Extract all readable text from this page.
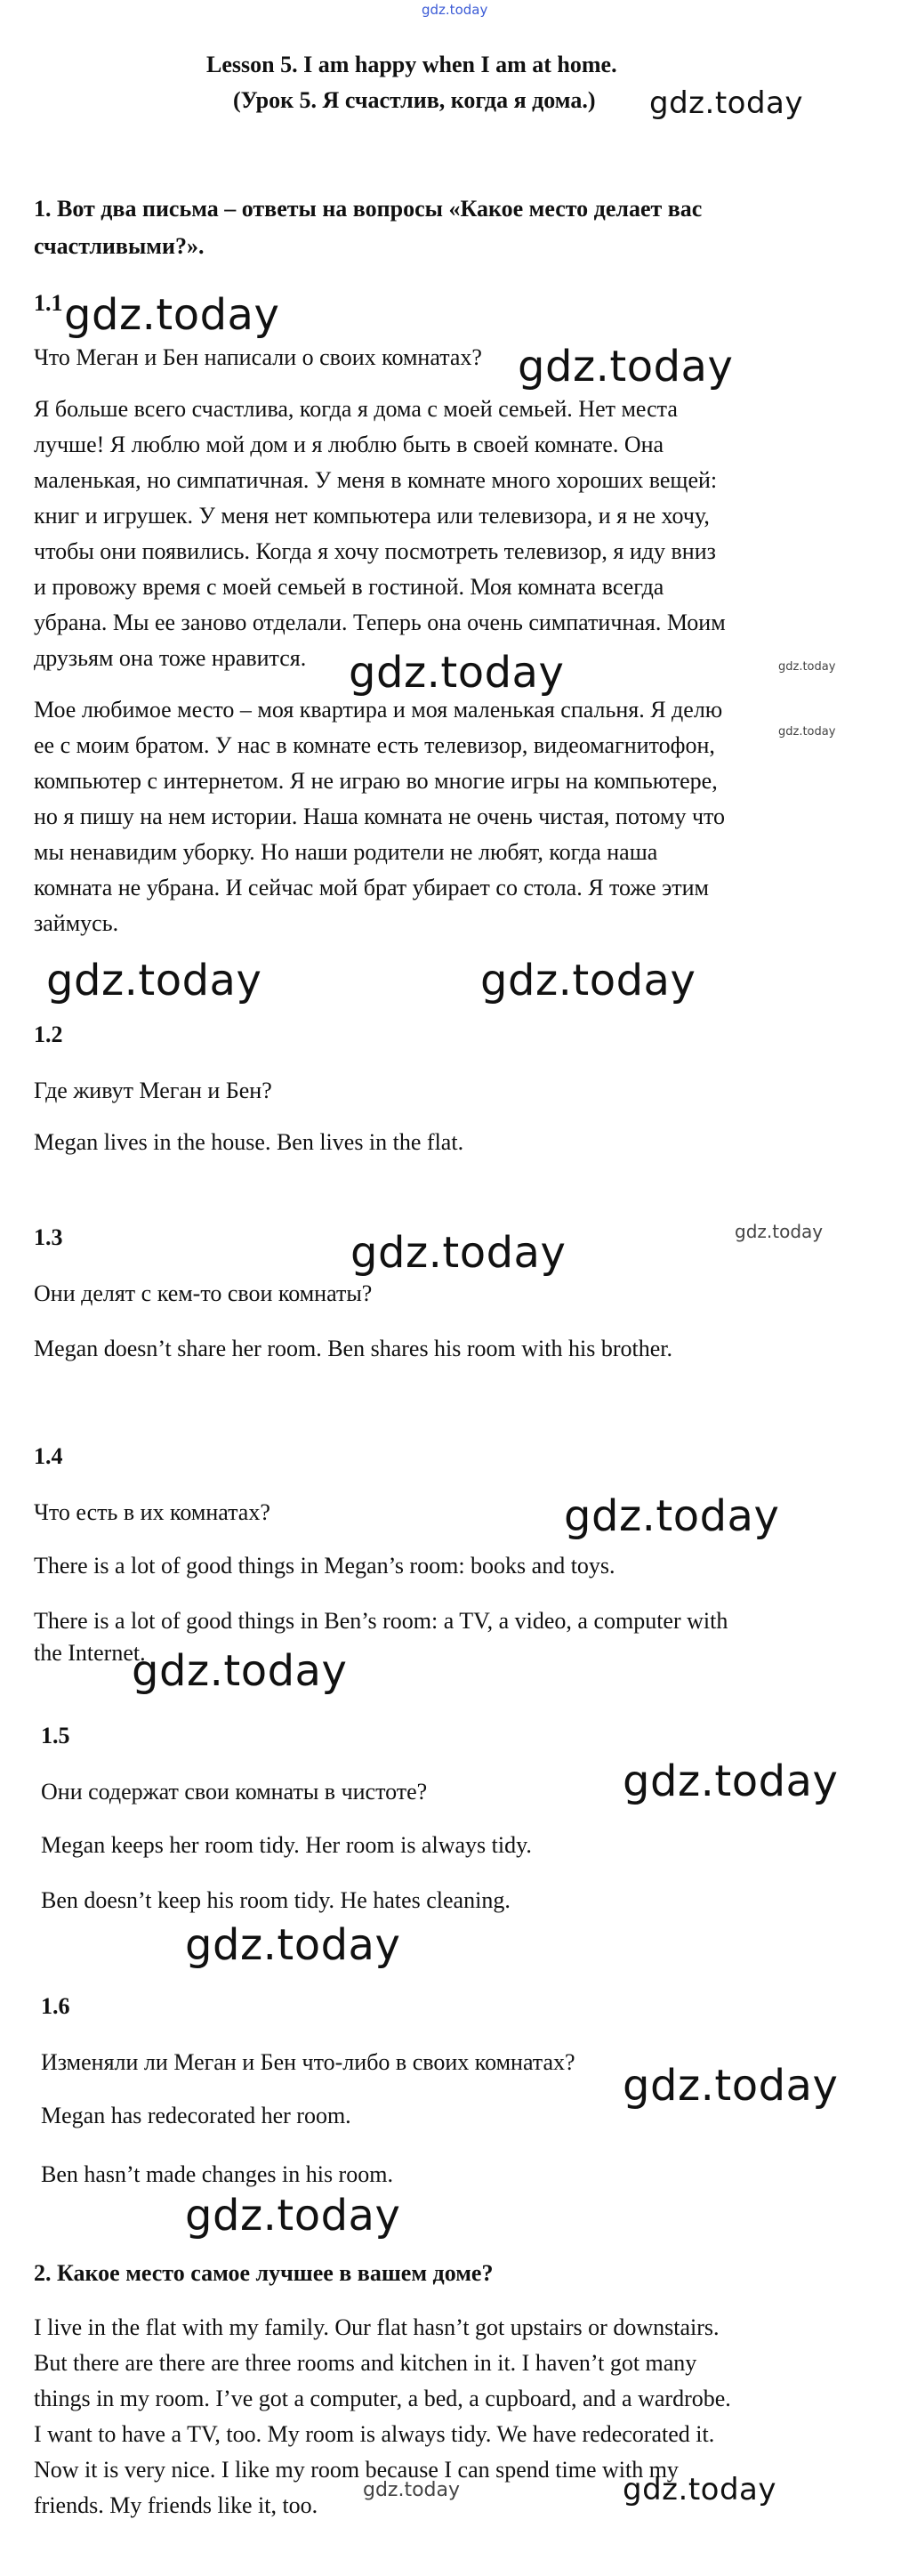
gdz.today
Lesson 5. I am happy when I am at home.
(Урок 5. Я счастлив, когда я дома.)
1. Вот два письма – ответы на вопросы «Какое место делает вас
счастливыми?».
1.1
Что Меган и Бен написали о своих комнатах?
Я больше всего счастлива, когда я дома с моей семьей. Нет места
лучше! Я люблю мой дом и я люблю быть в своей комнате. Она
маленькая, но симпатичная. У меня в комнате много хороших вещей:
книг и игрушек. У меня нет компьютера или телевизора, и я не хочу,
чтобы они появились. Когда я хочу посмотреть телевизор, я иду вниз
и провожу время с моей семьей в гостиной. Моя комната всегда
убрана. Мы ее заново отделали. Теперь она очень симпатичная. Моим
друзьям она тоже нравится.
Мое любимое место – моя квартира и моя маленькая спальня. Я делю
ее с моим братом. У нас в комнате есть телевизор, видеомагнитофон,
компьютер с интернетом. Я не играю во многие игры на компьютере,
но я пишу на нем истории. Наша комната не очень чистая, потому что
мы ненавидим уборку. Но наши родители не любят, когда наша
комната не убрана. И сейчас мой брат убирает со стола. Я тоже этим
займусь.
1.2
Где живут Меган и Бен?
Megan lives in the house. Ben lives in the flat.
1.3
Они делят с кем-то свои комнаты?
Megan doesn’t share her room. Ben shares his room with his brother.
1.4
Что есть в их комнатах?
There is a lot of good things in Megan’s room: books and toys.
There is a lot of good things in Ben’s room: a TV, a video, a computer with
the Internet.
1.5
Они содержат свои комнаты в чистоте?
Megan keeps her room tidy. Her room is always tidy.
Ben doesn’t keep his room tidy. He hates cleaning.
1.6
Изменяли ли Меган и Бен что-либо в своих комнатах?
Megan has redecorated her room.
Ben hasn’t made changes in his room.
2. Какое место самое лучшее в вашем доме?
I live in the flat with my family. Our flat hasn’t got upstairs or downstairs.
But there are there are three rooms and kitchen in it. I haven’t got many
things in my room. I’ve got a computer, a bed, a cupboard, and a wardrobe.
I want to have a TV, too. My room is always tidy. We have redecorated it.
Now it is very nice. I like my room because I can spend time with my
friends. My friends like it, too.
gdz.today
gdz.today
gdz.today
gdz.today	gdz.today
gdz.today
gdz.today	gdz.today
gdz.today	gdz.today
gdz.today
gdz.today
gdz.today
gdz.today
gdz.today
gdz.today
gdz.today	gdz.today
